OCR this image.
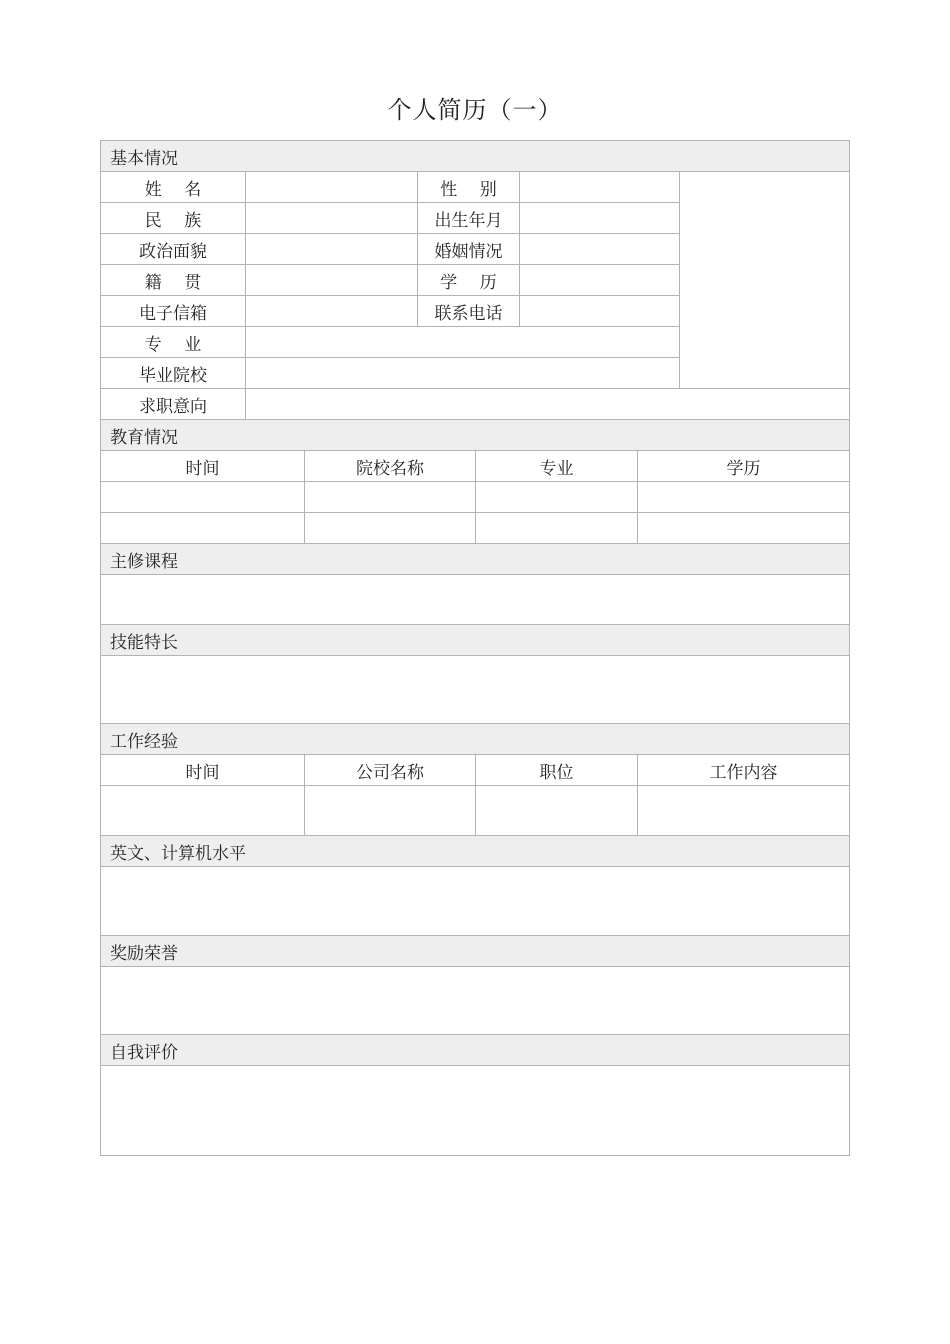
个人简历（一）
基本情况							
姓　 名			性　 别				
民　 族			出生年月				
政治面貌			婚姻情况				
籍　 贯			学　 历				
电子信箱			联系电话				
专　 业							
毕业院校							
求职意向							
教育情况							
时间		院校名称		专业		学历	

主修课程							

技能特长							

工作经验							
时间		公司名称		职位		工作内容	

英文、计算机水平							

奖励荣誉							

自我评价							
